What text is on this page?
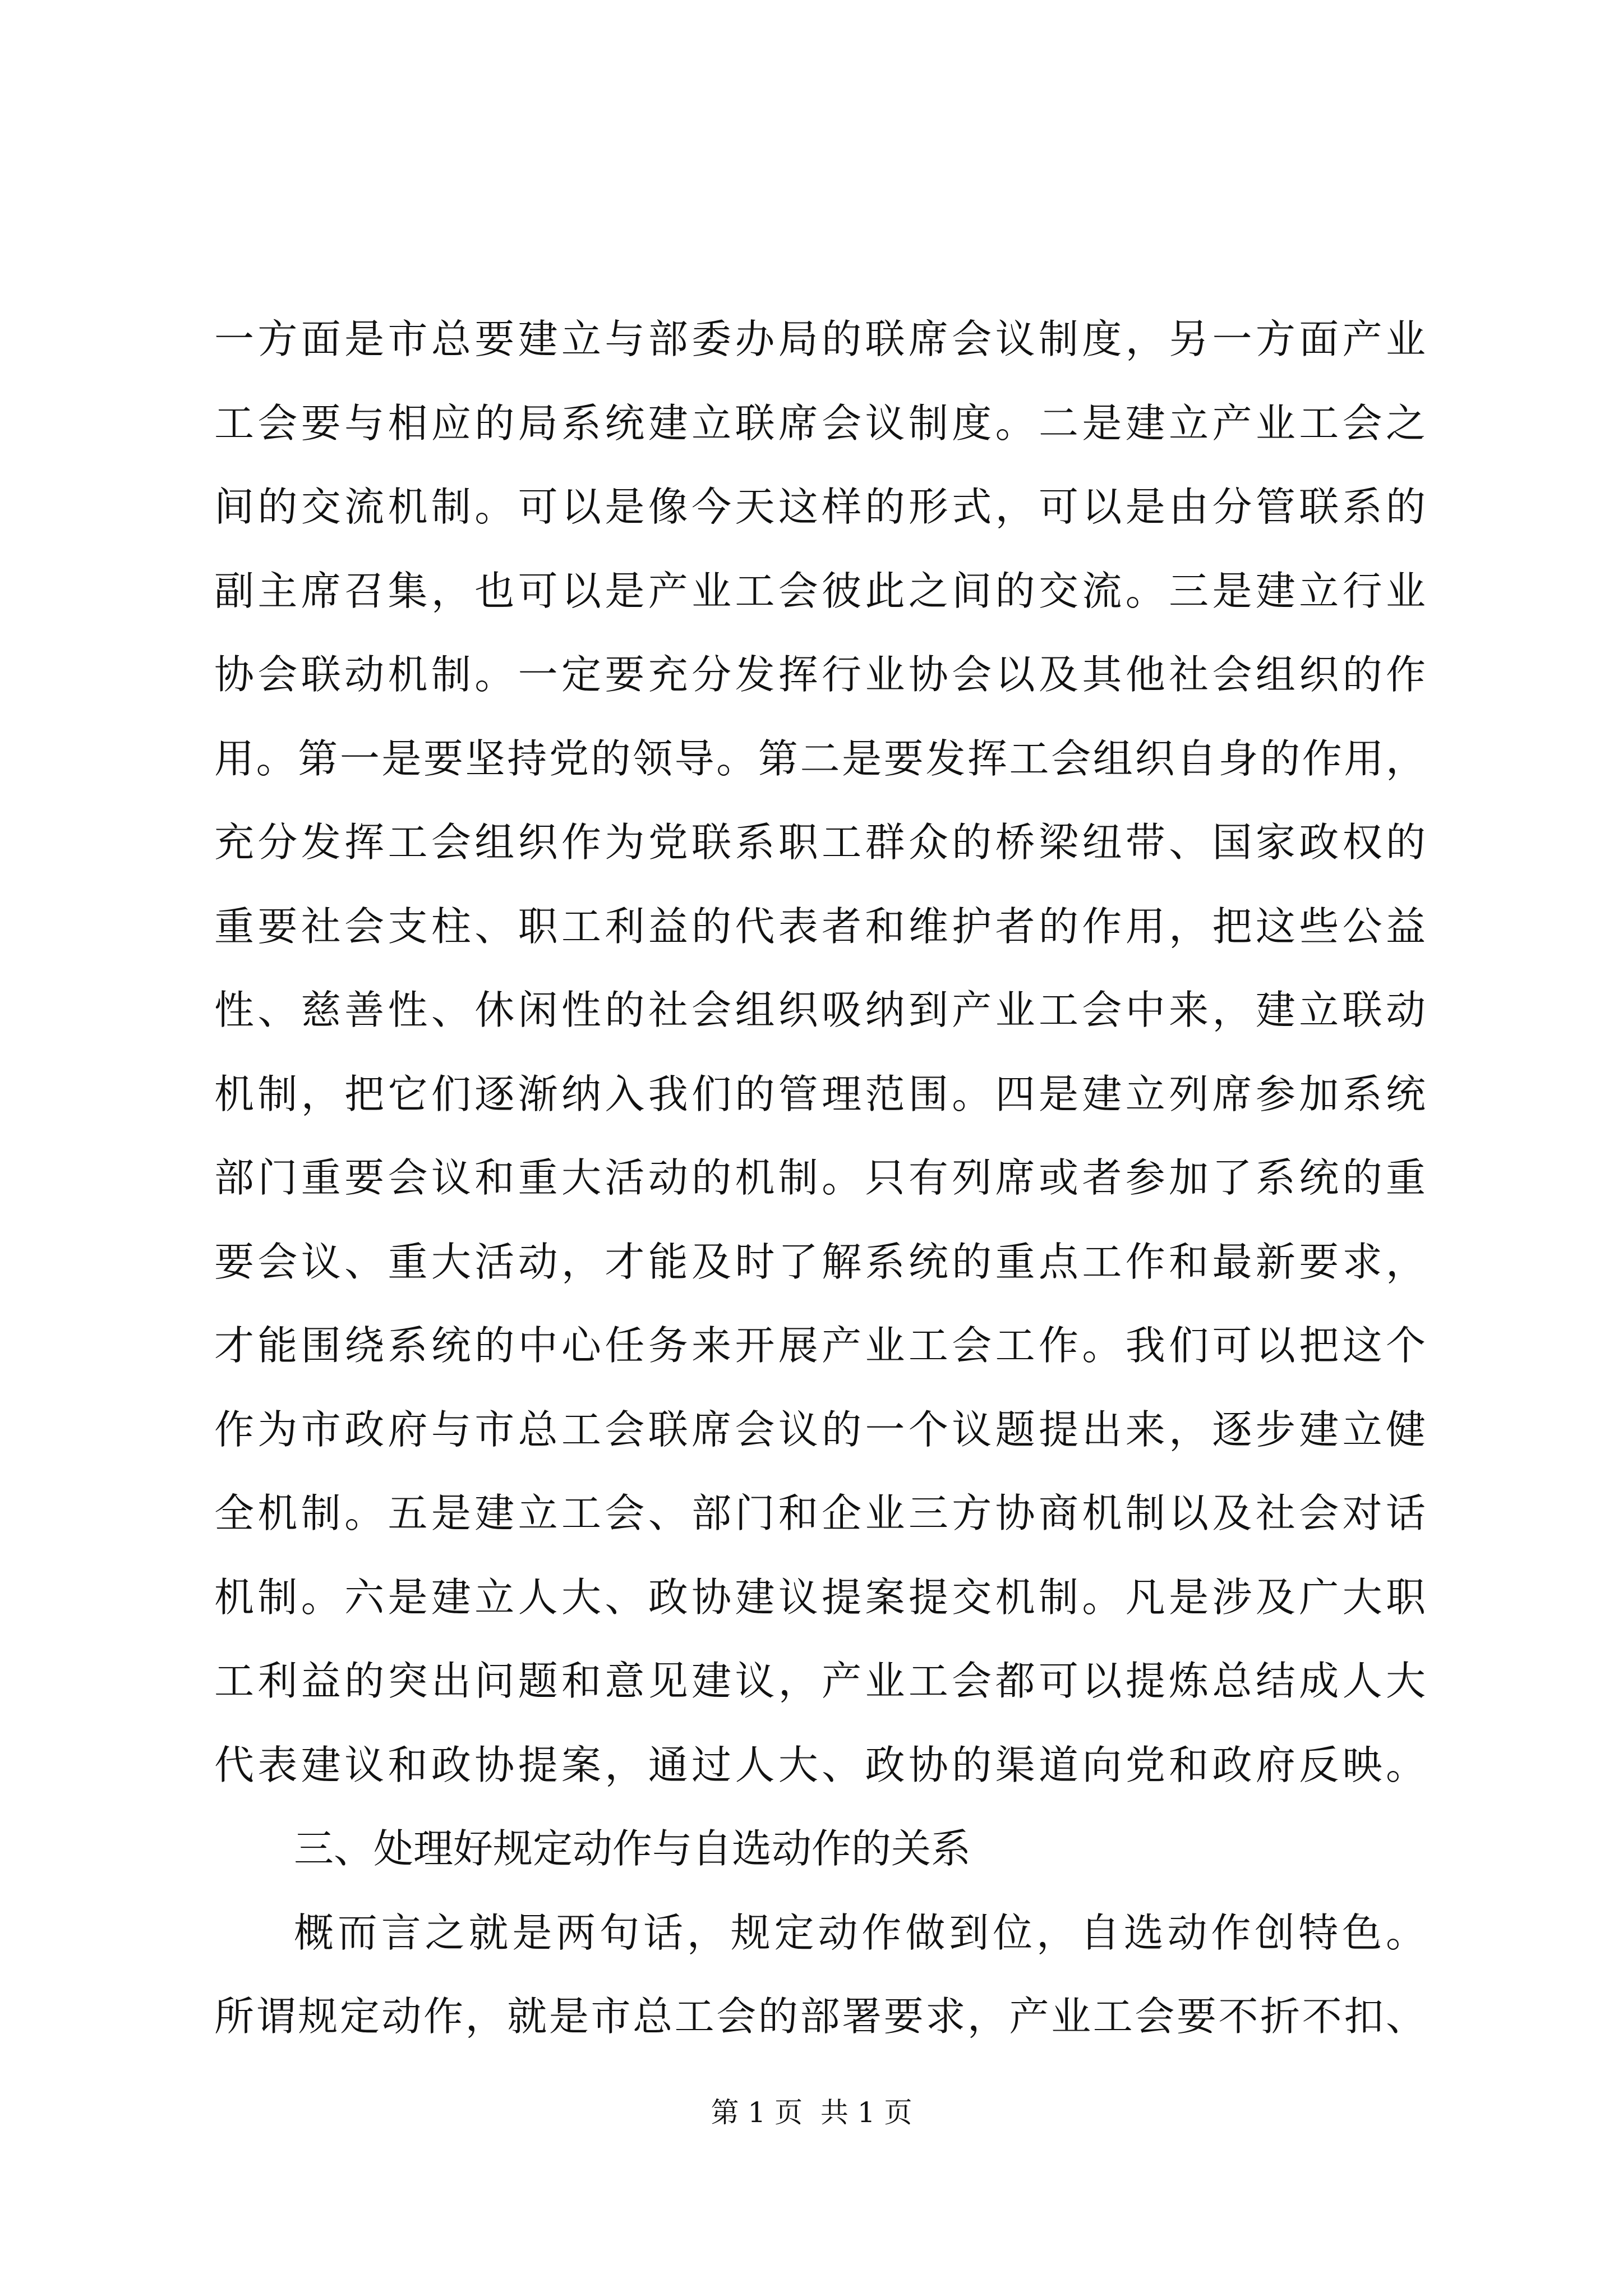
一方面是市总要建立与部委办局的联席会议制度，另一方面产业
工会要与相应的局系统建立联席会议制度。二是建立产业工会之
间的交流机制。可以是像今天这样的形式，可以是由分管联系的
副主席召集，也可以是产业工会彼此之间的交流。三是建立行业
协会联动机制。一定要充分发挥行业协会以及其他社会组织的作
用。第一是要坚持党的领导。第二是要发挥工会组织自身的作用，
充分发挥工会组织作为党联系职工群众的桥梁纽带、国家政权的
重要社会支柱、职工利益的代表者和维护者的作用，把这些公益
性、慈善性、休闲性的社会组织吸纳到产业工会中来，建立联动
机制，把它们逐渐纳入我们的管理范围。四是建立列席参加系统
部门重要会议和重大活动的机制。只有列席或者参加了系统的重
要会议、重大活动，才能及时了解系统的重点工作和最新要求，
才能围绕系统的中心任务来开展产业工会工作。我们可以把这个
作为市政府与市总工会联席会议的一个议题提出来，逐步建立健
全机制。五是建立工会、部门和企业三方协商机制以及社会对话
机制。六是建立人大、政协建议提案提交机制。凡是涉及广大职
工利益的突出问题和意见建议，产业工会都可以提炼总结成人大
代表建议和政协提案，通过人大、政协的渠道向党和政府反映。
三、处理好规定动作与自选动作的关系
概而言之就是两句话，规定动作做到位，自选动作创特色。
所谓规定动作，就是市总工会的部署要求，产业工会要不折不扣、
第 1 页  共 1 页
